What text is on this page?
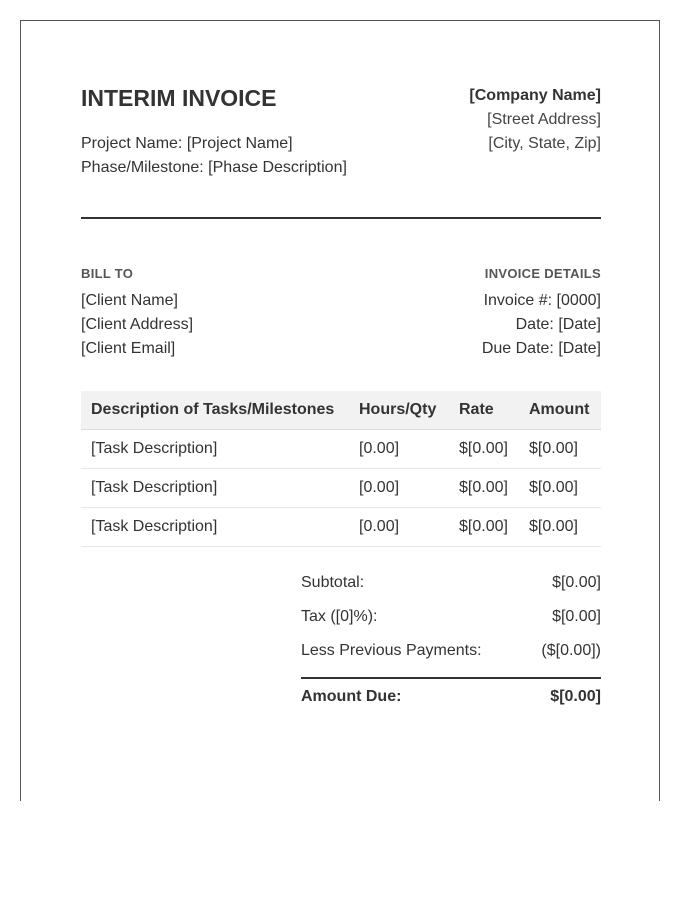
INTERIM INVOICE
Project Name: [Project Name]
Phase/Milestone: [Phase Description]
[Company Name]
[Street Address]
[City, State, Zip]
BILL TO
[Client Name]
[Client Address]
[Client Email]
INVOICE DETAILS
Invoice #: [0000]
Date: [Date]
Due Date: [Date]
Description of Tasks/Milestones	Hours/Qty	Rate	Amount
[Task Description]	[0.00]	$[0.00]	$[0.00]
[Task Description]	[0.00]	$[0.00]	$[0.00]
[Task Description]	[0.00]	$[0.00]	$[0.00]
Subtotal:	$[0.00]
Tax ([0]%):	$[0.00]
Less Previous Payments:	($[0.00])
Amount Due:	$[0.00]
